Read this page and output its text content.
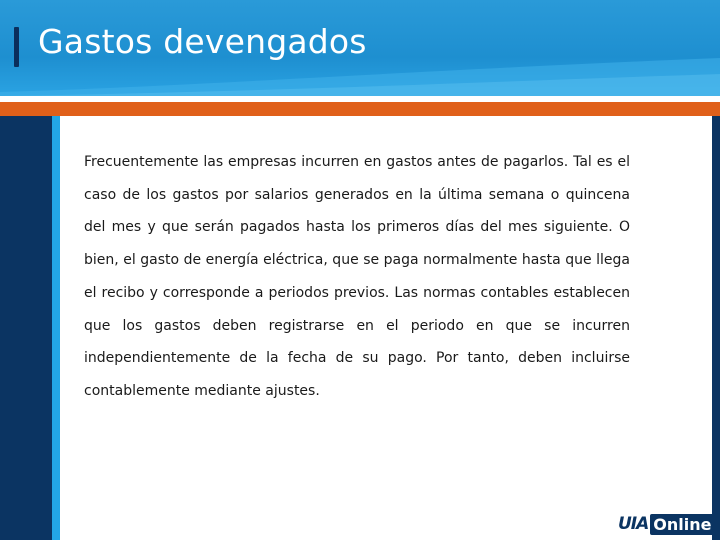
Gastos devengados

Frecuentemente las empresas incurren en gastos antes de pagarlos. Tal es el caso de los gastos por salarios generados en la última semana o quincena del mes y que serán pagados hasta los primeros días del mes siguiente. O bien, el gasto de energía eléctrica, que se paga normalmente hasta que llega el recibo y corresponde a periodos previos. Las normas contables establecen que los gastos deben registrarse en el periodo en que se incurren independientemente de la fecha de su pago. Por tanto, deben incluirse contablemente mediante ajustes.

UIA Online
